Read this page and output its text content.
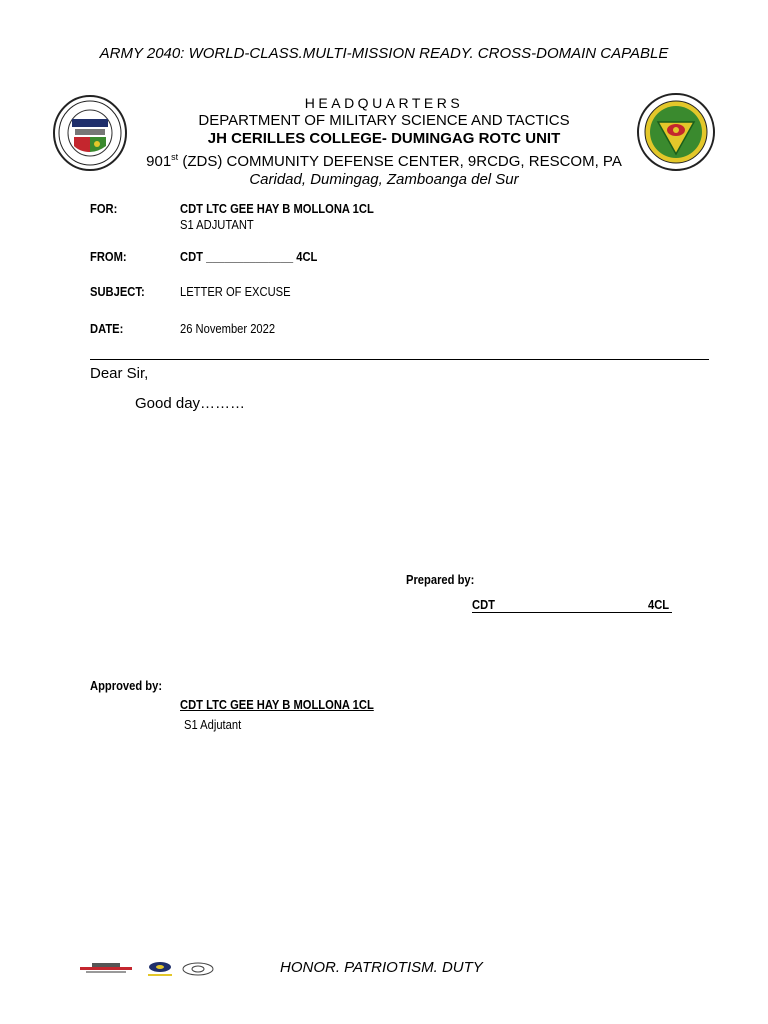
ARMY 2040: WORLD-CLASS.MULTI-MISSION READY. CROSS-DOMAIN CAPABLE
HEADQUARTERS
DEPARTMENT OF MILITARY SCIENCE AND TACTICS
JH CERILLES COLLEGE- DUMINGAG ROTC UNIT
901st (ZDS) COMMUNITY DEFENSE CENTER, 9RCDG, RESCOM, PA
Caridad, Dumingag, Zamboanga del Sur
FOR:	CDT LTC GEE HAY B MOLLONA 1CL
S1 ADJUTANT
FROM:	CDT ______________ 4CL
SUBJECT:	LETTER OF EXCUSE
DATE:	26 November 2022
Dear Sir,
Good day………
Prepared by:
CDT	4CL
Approved by:
CDT LTC GEE HAY B MOLLONA 1CL
S1 Adjutant
HONOR. PATRIOTISM. DUTY
